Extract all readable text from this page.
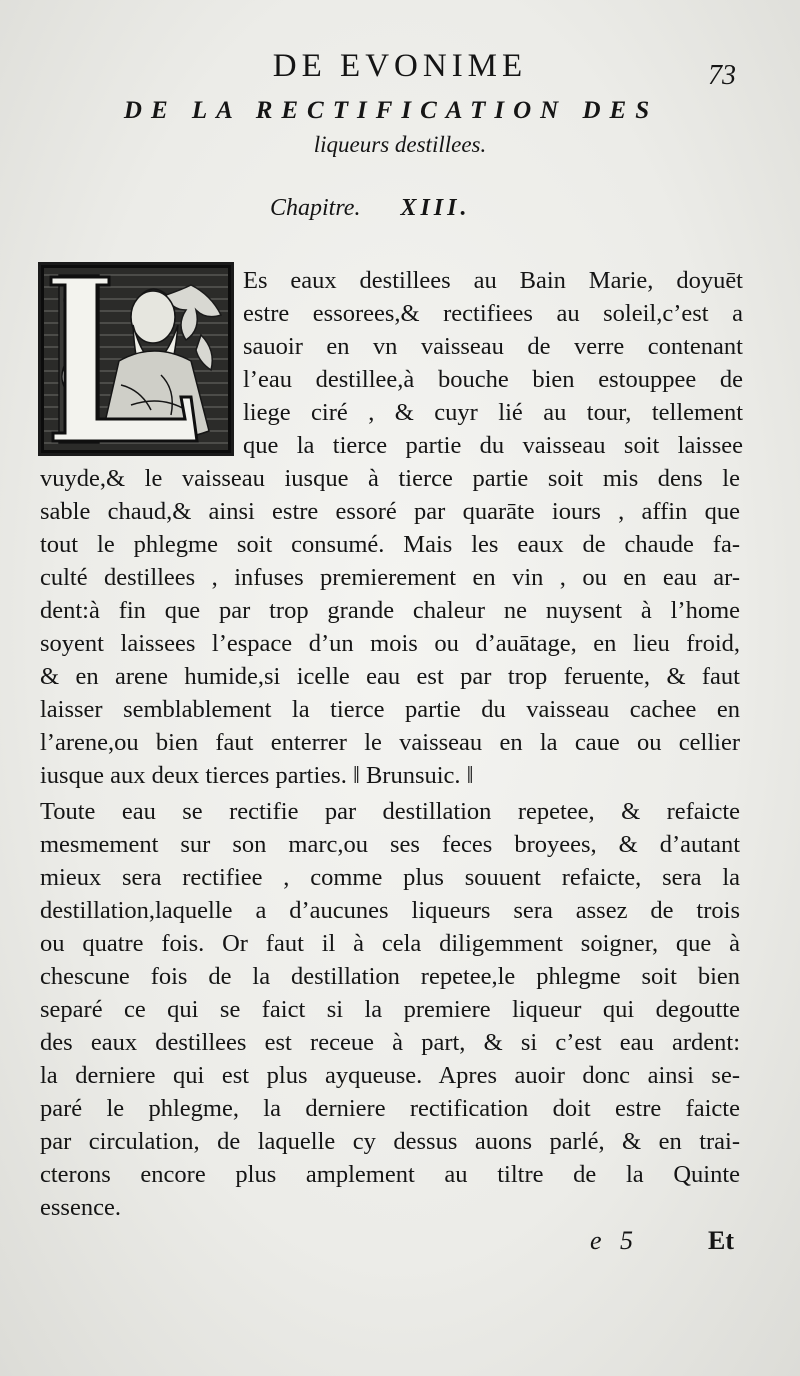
DE EVONIME	73
DE LA RECTIFICATION DES
liqueurs destillees.
Chapitre. XIII.
Es eaux destillees au Bain Marie, doyuēt
estre essorees,& rectifiees au soleil,c’est a
sauoir en vn vaisseau de verre contenant
l’eau destillee,à bouche bien estouppee de
liege ciré , & cuyr lié au tour, tellement
que la tierce partie du vaisseau soit laissee
vuyde,& le vaisseau iusque à tierce partie soit mis dens le
sable chaud,& ainsi estre essoré par quarāte iours , affin que
tout le phlegme soit consumé. Mais les eaux de chaude fa-
culté destillees , infuses premierement en vin , ou en eau ar-
dent:à fin que par trop grande chaleur ne nuysent à l’home
soyent laissees l’espace d’un mois ou d’auātage, en lieu froid,
& en arene humide,si icelle eau est par trop feruente, & faut
laisser semblablement la tierce partie du vaisseau cachee en
l’arene,ou bien faut enterrer le vaisseau en la caue ou cellier
iusque aux deux tierces parties. ‖ Brunsuic. ‖
Toute eau se rectifie par destillation repetee, & refaicte
mesmement sur son marc,ou ses feces broyees, & d’autant
mieux sera rectifiee , comme plus souuent refaicte, sera la
destillation,laquelle a d’aucunes liqueurs sera assez de trois
ou quatre fois. Or faut il à cela diligemment soigner, que à
chescune fois de la destillation repetee,le phlegme soit bien
separé ce qui se faict si la premiere liqueur qui degoutte
des eaux destillees est receue à part, & si c’est eau ardent:
la derniere qui est plus ayqueuse. Apres auoir donc ainsi se-
paré le phlegme, la derniere rectification doit estre faicte
par circulation, de laquelle cy dessus auons parlé, & en trai-
cterons encore plus amplement au tiltre de la Quinte
essence.
e 5	Et
